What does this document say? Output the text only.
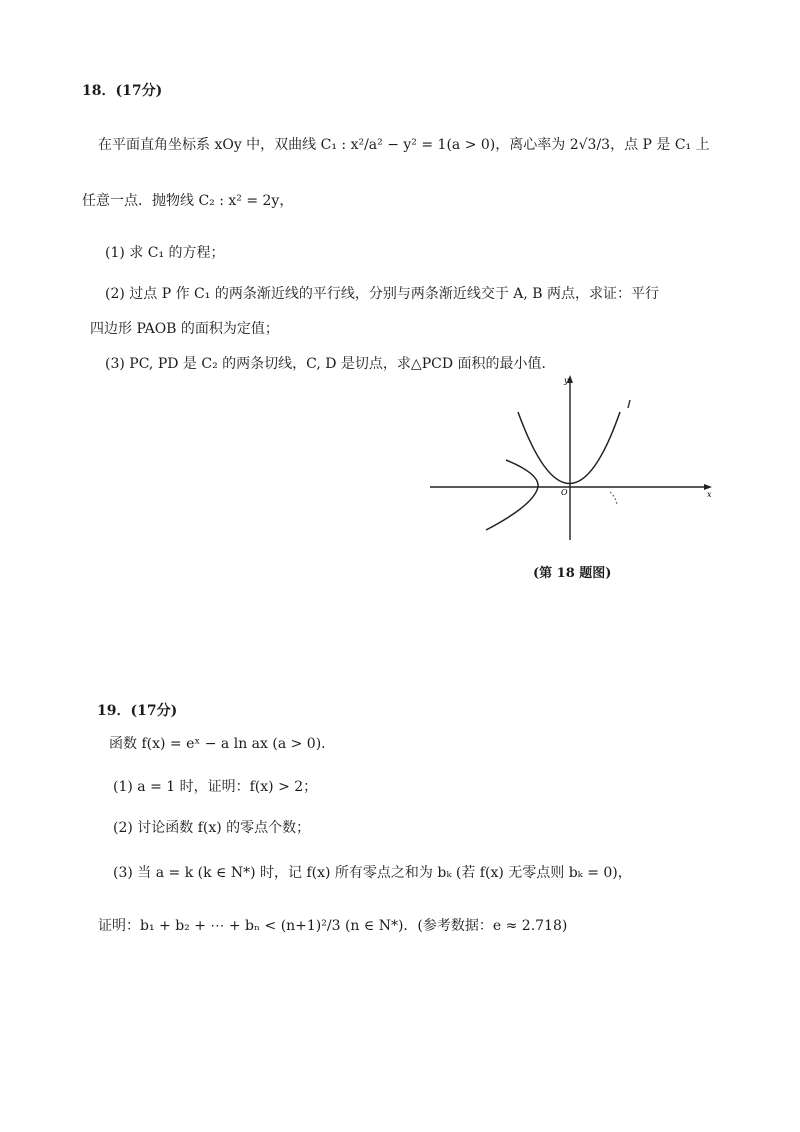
18．(17分)
在平面直角坐标系 xOy 中，双曲线 C₁ : x²/a² − y² = 1(a > 0)，离心率为 2√3/3，点 P 是 C₁ 上
任意一点．抛物线 C₂ : x² = 2y，
(1) 求 C₁ 的方程；
(2) 过点 P 作 C₁ 的两条渐近线的平行线，分别与两条渐近线交于 A, B 两点，求证：平行
四边形 PAOB 的面积为定值；
(3) PC, PD 是 C₂ 的两条切线，C, D 是切点，求△PCD 面积的最小值．
y
x
O
(第 18 题图)
19．(17分)
函数 f(x) = eˣ − a ln ax (a > 0)．
(1) a = 1 时，证明：f(x) > 2；
(2) 讨论函数 f(x) 的零点个数；
(3) 当 a = k (k ∈ N*) 时，记 f(x) 所有零点之和为 bₖ (若 f(x) 无零点则 bₖ = 0)，
证明：b₁ + b₂ + ⋯ + bₙ < (n+1)²/3 (n ∈ N*)．(参考数据：e ≈ 2.718)
